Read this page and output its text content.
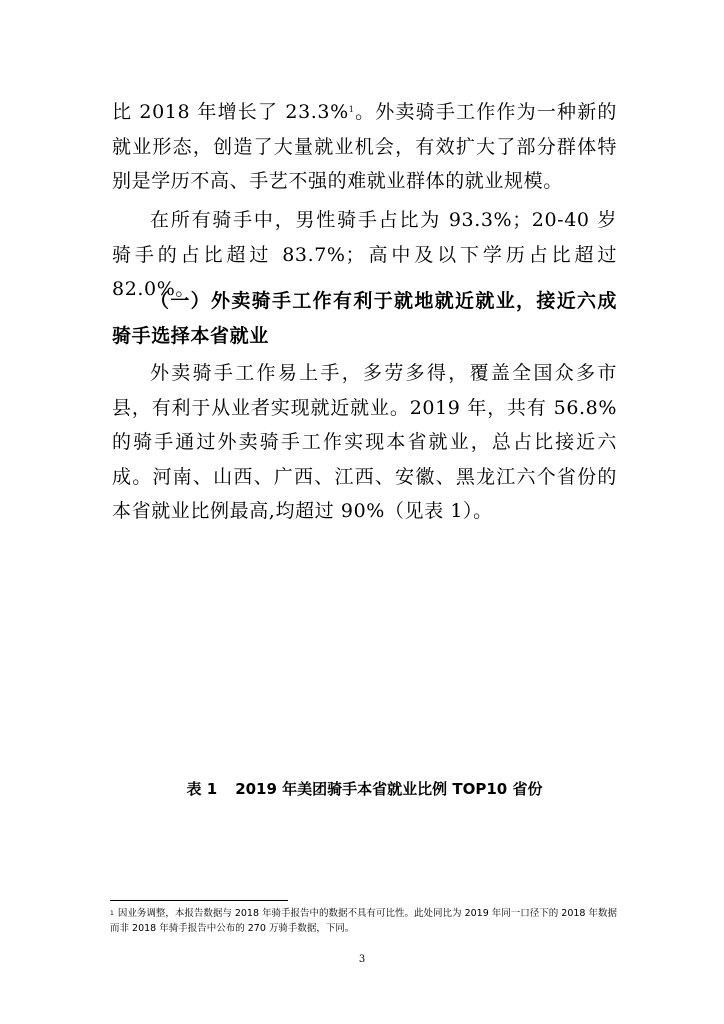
比 2018 年增长了 23.3%$^1$。外卖骑手工作作为一种新的就业形态，创造了大量就业机会，有效扩大了部分群体特别是学历不高、手艺不强的难就业群体的就业规模。

在所有骑手中，男性骑手占比为 93.3%；20-40 岁骑手的占比超过 83.7%；高中及以下学历占比超过 82.0%。

（一）外卖骑手工作有利于就地就近就业，接近六成骑手选择本省就业

外卖骑手工作易上手，多劳多得，覆盖全国众多市县，有利于从业者实现就近就业。2019 年，共有 56.8%的骑手通过外卖骑手工作实现本省就业，总占比接近六成。河南、山西、广西、江西、安徽、黑龙江六个省份的本省就业比例最高,均超过 90%（见表 1）。

表 1 2019 年美团骑手本省就业比例 TOP10 省份

$^1$ 因业务调整，本报告数据与 2018 年骑手报告中的数据不具有可比性。此处同比为 2019 年同一口径下的 2018 年数据而非 2018 年骑手报告中公布的 270 万骑手数据，下同。

3
